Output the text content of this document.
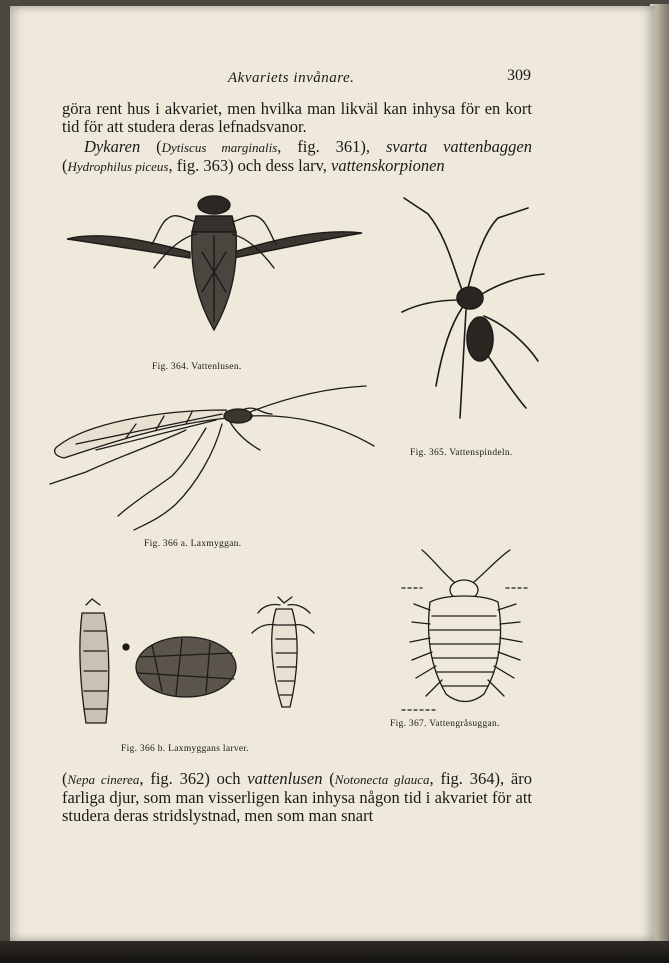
Akvariets invånare.	309
göra rent hus i akvariet, men hvilka man likväl kan inhysa för en kort tid för att studera deras lefnadsvanor.
Dykaren (Dytiscus marginalis, fig. 361), svarta vattenbaggen (Hydrophilus piceus, fig. 363) och dess larv, vattenskorpionen
Fig. 364. Vattenlusen.
Fig. 365. Vattenspindeln.
Fig. 366 a. Laxmyggan.
Fig. 366 b. Laxmyggans larver.
Fig. 367. Vattengråsuggan.
(Nepa cinerea, fig. 362) och vattenlusen (Notonecta glauca, fig. 364), äro farliga djur, som man visserligen kan inhysa någon tid i akvariet för att studera deras stridslystnad, men som man snart
